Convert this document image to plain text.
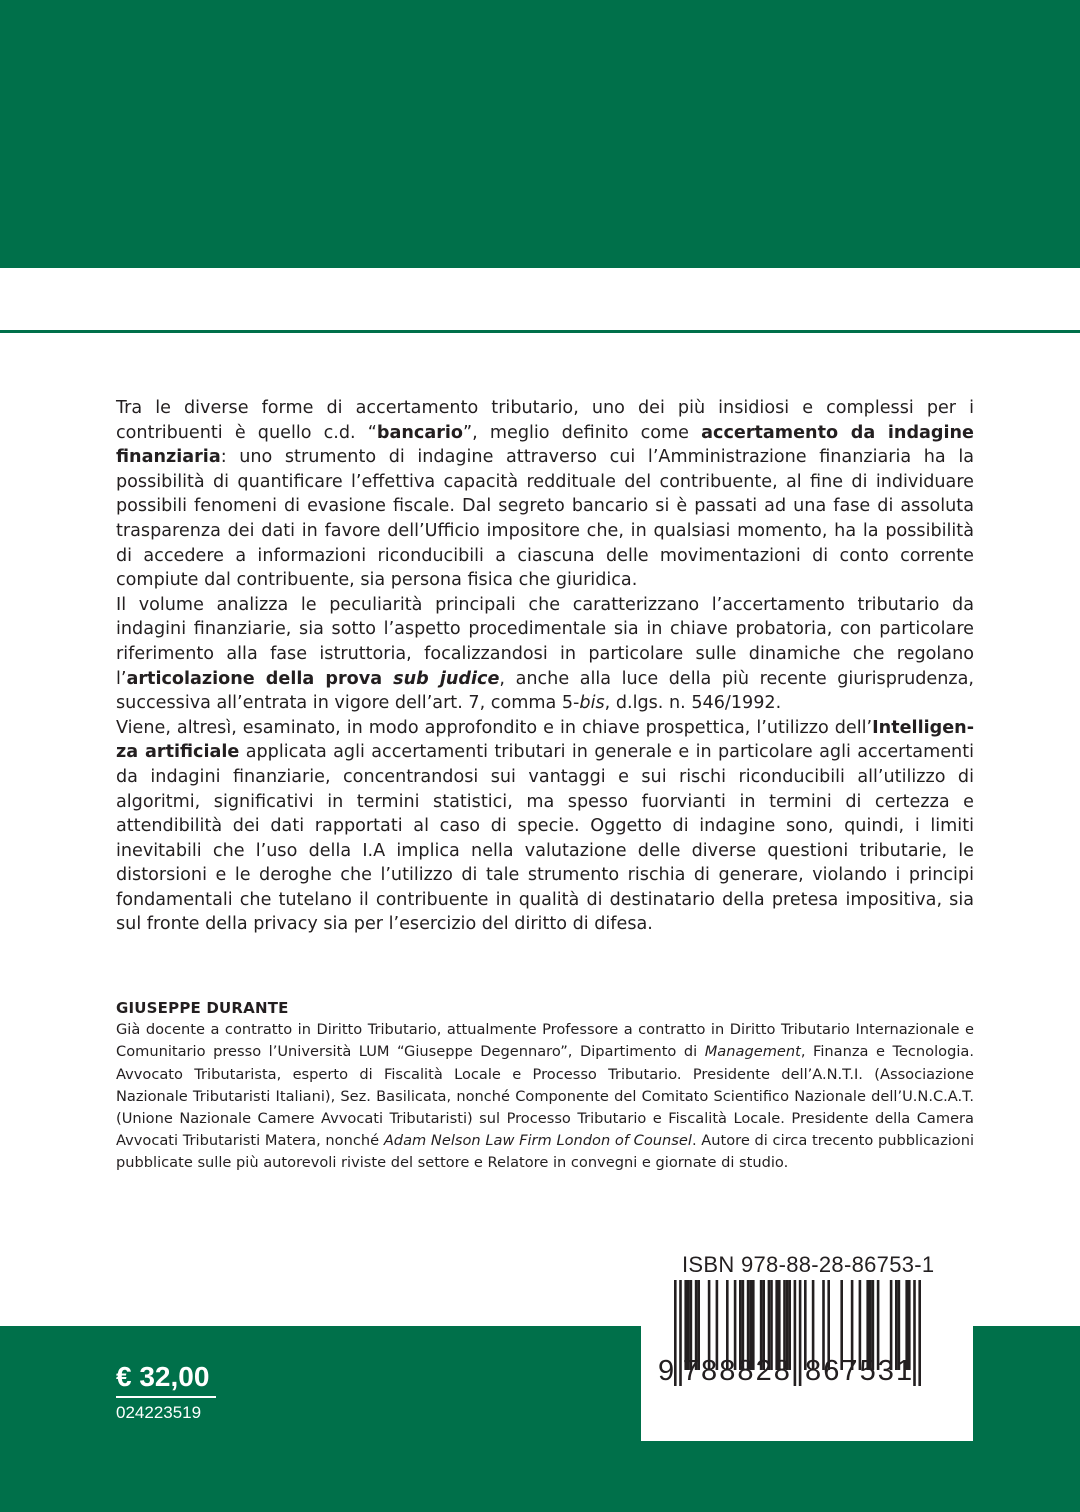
Tra le diverse forme di accertamento tributario, uno dei più insidiosi e complessi per i contribuenti è quello c.d. “bancario”, meglio definito come accertamento da indagine finanziaria: uno strumento di indagine attraverso cui l’Amministrazione finanziaria ha la possibilità di quantificare l’effettiva capacità reddituale del contribuente, al fine di individuare possibili fenomeni di evasione fiscale. Dal segreto bancario si è passati ad una fase di assoluta trasparenza dei dati in favore dell’Ufficio impositore che, in qualsiasi momento, ha la possibilità di accedere a informazioni riconducibili a ciascuna delle movimentazioni di conto corrente compiute dal contribuente, sia persona fisica che giuridica.

Il volume analizza le peculiarità principali che caratterizzano l’accertamento tributario da indagini finanziarie, sia sotto l’aspetto procedimentale sia in chiave probatoria, con particolare riferimento alla fase istruttoria, focalizzandosi in particolare sulle dinamiche che regolano l’articolazione della prova sub judice, anche alla luce della più recente giurisprudenza, successiva all’entrata in vigore dell’art. 7, comma 5-bis, d.lgs. n. 546/1992.

Viene, altresì, esaminato, in modo approfondito e in chiave prospettica, l’utilizzo dell’Intelligenza artificiale applicata agli accertamenti tributari in generale e in particolare agli accertamenti da indagini finanziarie, concentrandosi sui vantaggi e sui rischi riconducibili all’utilizzo di algoritmi, significativi in termini statistici, ma spesso fuorvianti in termini di certezza e attendibilità dei dati rapportati al caso di specie. Oggetto di indagine sono, quindi, i limiti inevitabili che l’uso della I.A implica nella valutazione delle diverse questioni tributarie, le distorsioni e le deroghe che l’utilizzo di tale strumento rischia di generare, violando i principi fondamentali che tutelano il contribuente in qualità di destinatario della pretesa impositiva, sia sul fronte della privacy sia per l’esercizio del diritto di difesa.

GIUSEPPE DURANTE

Già docente a contratto in Diritto Tributario, attualmente Professore a contratto in Diritto Tributario Internazionale e Comunitario presso l’Università LUM “Giuseppe Degennaro”, Dipartimento di Management, Finanza e Tecnologia. Avvocato Tributarista, esperto di Fiscalità Locale e Processo Tributario. Presidente dell’A.N.T.I. (Associazione Nazionale Tributaristi Italiani), Sez. Basilicata, nonché Componente del Comitato Scientifico Nazionale dell’U.N.C.A.T. (Unione Nazionale Camere Avvocati Tributaristi) sul Processo Tributario e Fiscalità Locale. Presidente della Camera Avvocati Tributaristi Matera, nonché Adam Nelson Law Firm London of Counsel. Autore di circa trecento pubblicazioni pubblicate sulle più autorevoli riviste del settore e Relatore in convegni e giornate di studio.

€ 32,00
024223519
ISBN 978-88-28-86753-1
9 7 8 8 8 2 8 8 6 7 5 3 1
